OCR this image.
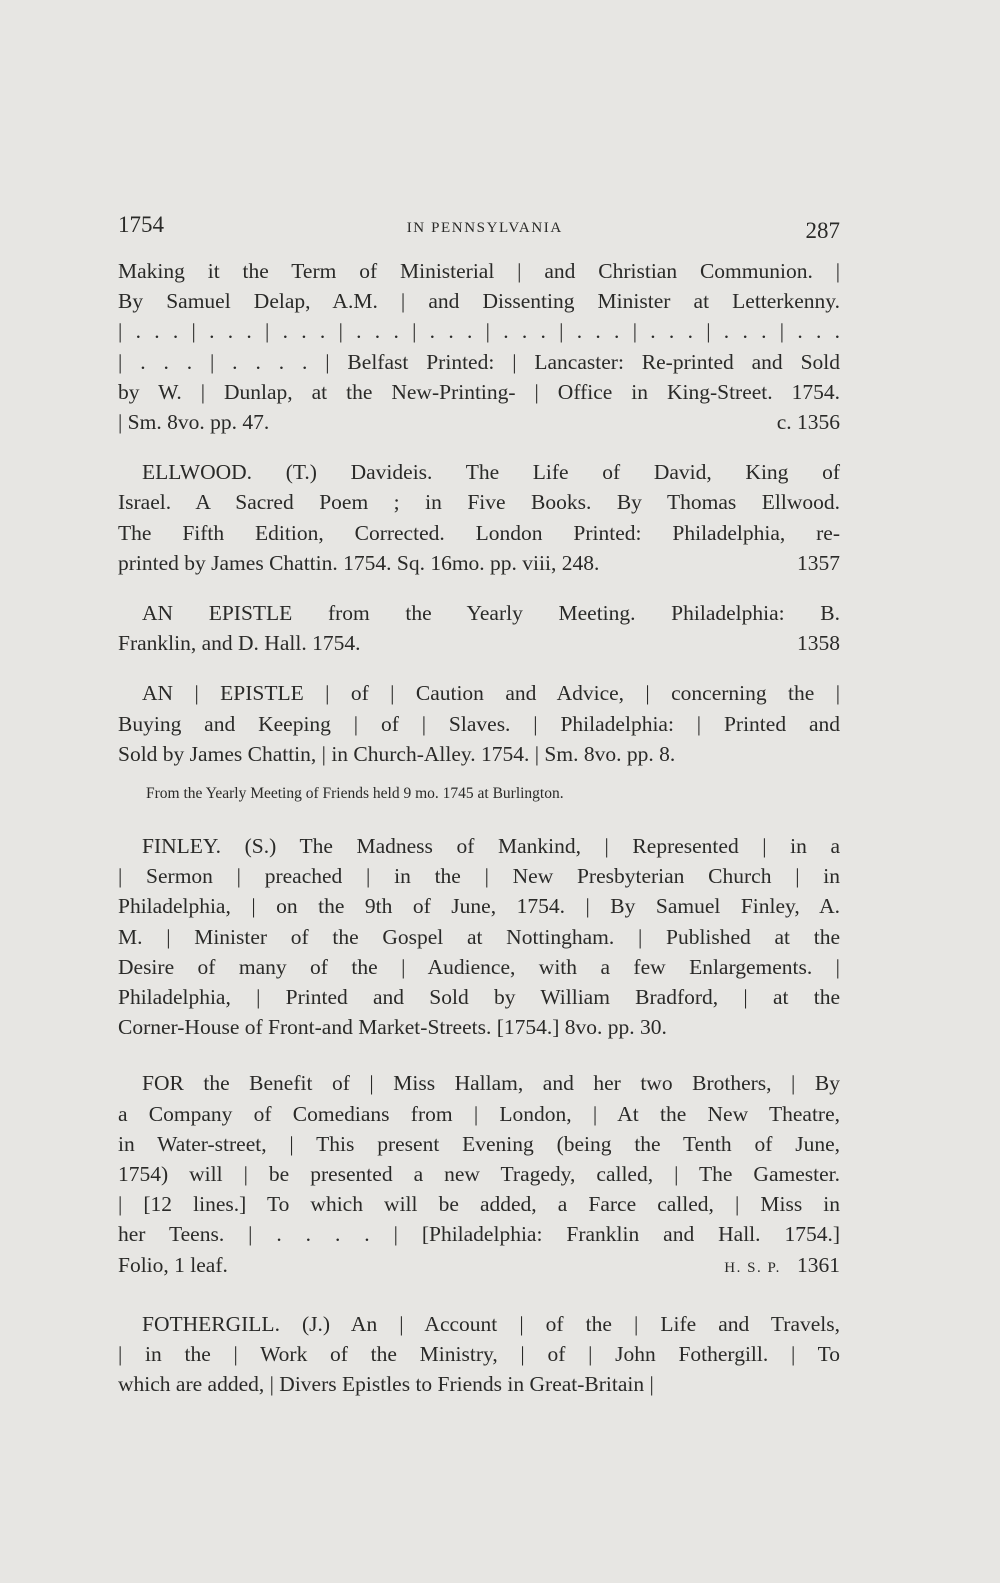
1754	IN PENNSYLVANIA	287
Making it the Term of Ministerial | and Christian Communion. |
By Samuel Delap, A.M. | and Dissenting Minister at Letterkenny.
| . . . | . . . | . . . | . . . | . . . | . . . | . . . | . . . | . . . | . . .
| . . . | . . . . | Belfast Printed: | Lancaster: Re-printed and Sold
by W. | Dunlap, at the New-Printing- | Office in King-Street. 1754.
| Sm. 8vo. pp. 47.	c. 1356
ELLWOOD. (T.) Davideis. The Life of David, King of
Israel. A Sacred Poem ; in Five Books. By Thomas Ellwood.
The Fifth Edition, Corrected. London Printed: Philadelphia, re-
printed by James Chattin. 1754. Sq. 16mo. pp. viii, 248.	1357
AN EPISTLE from the Yearly Meeting. Philadelphia: B.
Franklin, and D. Hall. 1754.	1358
AN | EPISTLE | of | Caution and Advice, | concerning the |
Buying and Keeping | of | Slaves. | Philadelphia: | Printed and
Sold by James Chattin, | in Church-Alley. 1754. | Sm. 8vo. pp. 8.

From the Yearly Meeting of Friends held 9 mo. 1745 at Burlington.

FINLEY. (S.) The Madness of Mankind, | Represented | in a
| Sermon | preached | in the | New Presbyterian Church | in
Philadelphia, | on the 9th of June, 1754. | By Samuel Finley, A.
M. | Minister of the Gospel at Nottingham. | Published at the
Desire of many of the | Audience, with a few Enlargements. |
Philadelphia, | Printed and Sold by William Bradford, | at the
Corner-House of Front-and Market-Streets. [1754.] 8vo. pp. 30.
FOR the Benefit of | Miss Hallam, and her two Brothers, | By
a Company of Comedians from | London, | At the New Theatre,
in Water-street, | This present Evening (being the Tenth of June,
1754) will | be presented a new Tragedy, called, | The Gamester.
| [12 lines.] To which will be added, a Farce called, | Miss in
her Teens. | . . . . | [Philadelphia: Franklin and Hall. 1754.]
Folio, 1 leaf.	H. S. P. 1361
FOTHERGILL. (J.) An | Account | of the | Life and Travels,
| in the | Work of the Ministry, | of | John Fothergill. | To
which are added, | Divers Epistles to Friends in Great-Britain |
